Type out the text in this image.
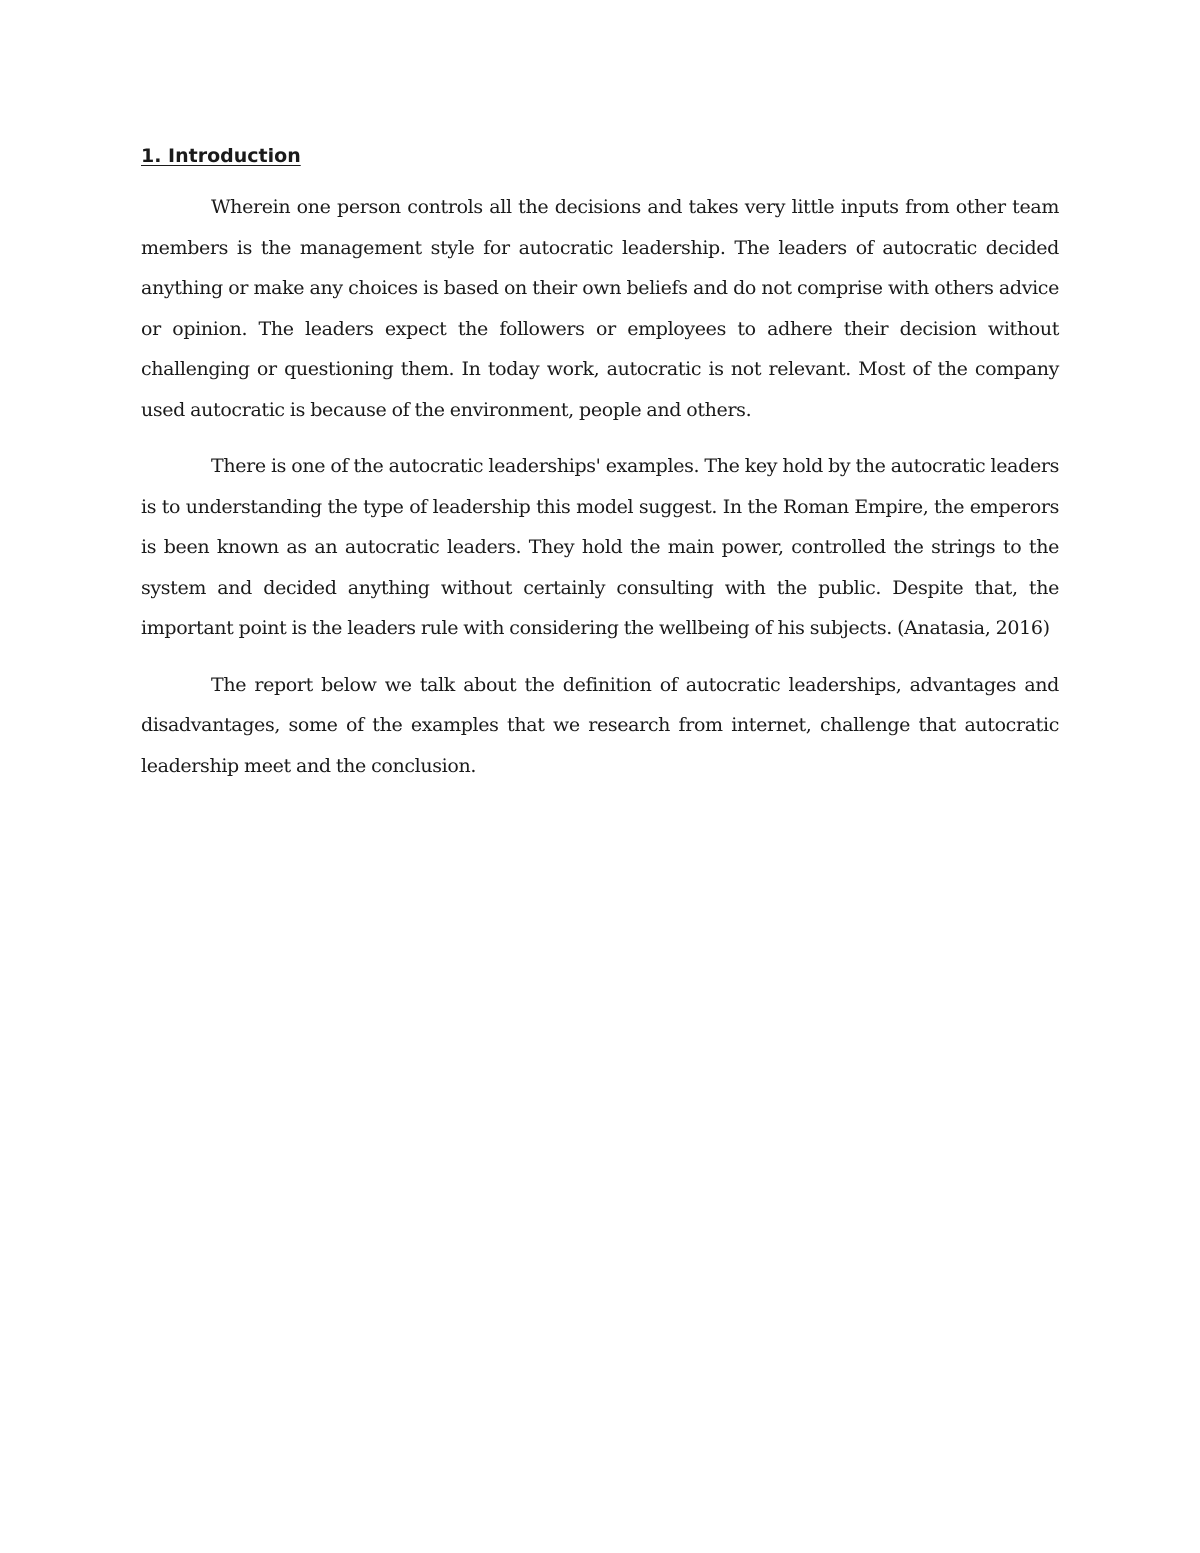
1. Introduction

Wherein one person controls all the decisions and takes very little inputs from other team members is the management style for autocratic leadership. The leaders of autocratic decided anything or make any choices is based on their own beliefs and do not comprise with others advice or opinion. The leaders expect the followers or employees to adhere their decision without challenging or questioning them. In today work, autocratic is not relevant. Most of the company used autocratic is because of the environment, people and others.

There is one of the autocratic leaderships' examples. The key hold by the autocratic leaders is to understanding the type of leadership this model suggest. In the Roman Empire, the emperors is been known as an autocratic leaders. They hold the main power, controlled the strings to the system and decided anything without certainly consulting with the public. Despite that, the important point is the leaders rule with considering the wellbeing of his subjects. (Anatasia, 2016)

The report below we talk about the definition of autocratic leaderships, advantages and disadvantages, some of the examples that we research from internet, challenge that autocratic leadership meet and the conclusion.
